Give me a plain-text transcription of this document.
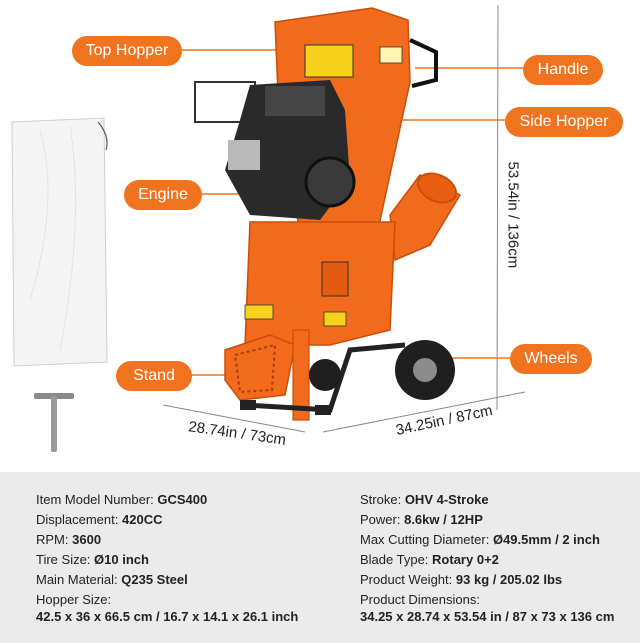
Top Hopper
Handle
Side Hopper
Engine
Stand
Wheels
53.54in / 136cm
28.74in / 73cm	34.25in / 87cm
Item Model Number: GCS400
Displacement: 420CC
RPM: 3600
Tire Size: Ø10 inch
Main Material: Q235 Steel
Hopper Size:
42.5 x 36 x 66.5 cm / 16.7 x 14.1 x 26.1 inch
Stroke: OHV 4-Stroke
Power: 8.6kw / 12HP
Max Cutting Diameter: Ø49.5mm / 2 inch
Blade Type: Rotary 0+2
Product Weight: 93 kg / 205.02 lbs
Product Dimensions:
34.25 x 28.74 x 53.54 in / 87 x 73 x 136 cm
